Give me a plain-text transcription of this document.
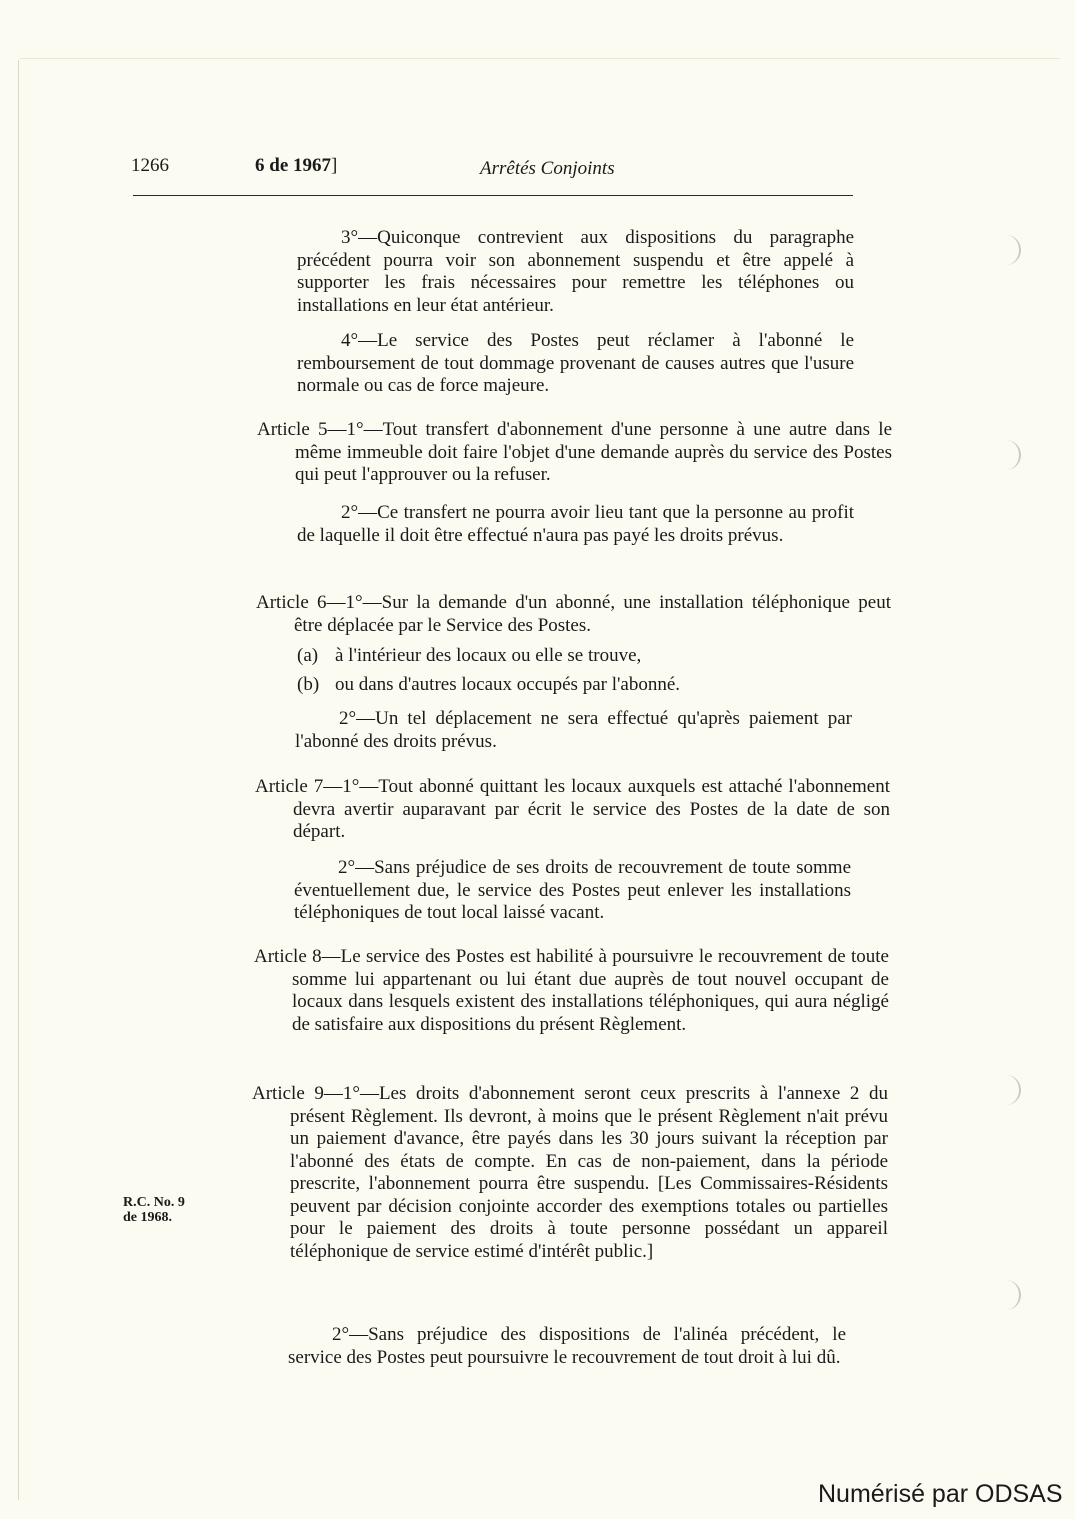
1266	6 de 1967]	Arrêtés Conjoints

3°—Quiconque contrevient aux dispositions du paragraphe précédent pourra voir son abonnement suspendu et être appelé à supporter les frais nécessaires pour remettre les téléphones ou installations en leur état antérieur.

4°—Le service des Postes peut réclamer à l'abonné le remboursement de tout dommage provenant de causes autres que l'usure normale ou cas de force majeure.

Article 5—1°—Tout transfert d'abonnement d'une personne à une autre dans le même immeuble doit faire l'objet d'une demande auprès du service des Postes qui peut l'approuver ou la refuser.

2°—Ce transfert ne pourra avoir lieu tant que la personne au profit de laquelle il doit être effectué n'aura pas payé les droits prévus.

Article 6—1°—Sur la demande d'un abonné, une installation téléphonique peut être déplacée par le Service des Postes.

(a) à l'intérieur des locaux ou elle se trouve,
(b) ou dans d'autres locaux occupés par l'abonné.

2°—Un tel déplacement ne sera effectué qu'après paiement par l'abonné des droits prévus.

Article 7—1°—Tout abonné quittant les locaux auxquels est attaché l'abonnement devra avertir auparavant par écrit le service des Postes de la date de son départ.

2°—Sans préjudice de ses droits de recouvrement de toute somme éventuellement due, le service des Postes peut enlever les installations téléphoniques de tout local laissé vacant.

Article 8—Le service des Postes est habilité à poursuivre le recouvrement de toute somme lui appartenant ou lui étant due auprès de tout nouvel occupant de locaux dans lesquels existent des installations téléphoniques, qui aura négligé de satisfaire aux dispositions du présent Règlement.

Article 9—1°—Les droits d'abonnement seront ceux prescrits à l'annexe 2 du présent Règlement. Ils devront, à moins que le présent Règlement n'ait prévu un paiement d'avance, être payés dans les 30 jours suivant la réception par l'abonné des états de compte. En cas de non-paiement, dans la période prescrite, l'abonnement pourra être suspendu. [Les Commissaires-Résidents peuvent par décision conjointe accorder des exemptions totales ou partielles pour le paiement des droits à toute personne possédant un appareil téléphonique de service estimé d'intérêt public.]

2°—Sans préjudice des dispositions de l'alinéa précédent, le service des Postes peut poursuivre le recouvrement de tout droit à lui dû.

R.C. No. 9
de 1968.
Numérisé par ODSAS
